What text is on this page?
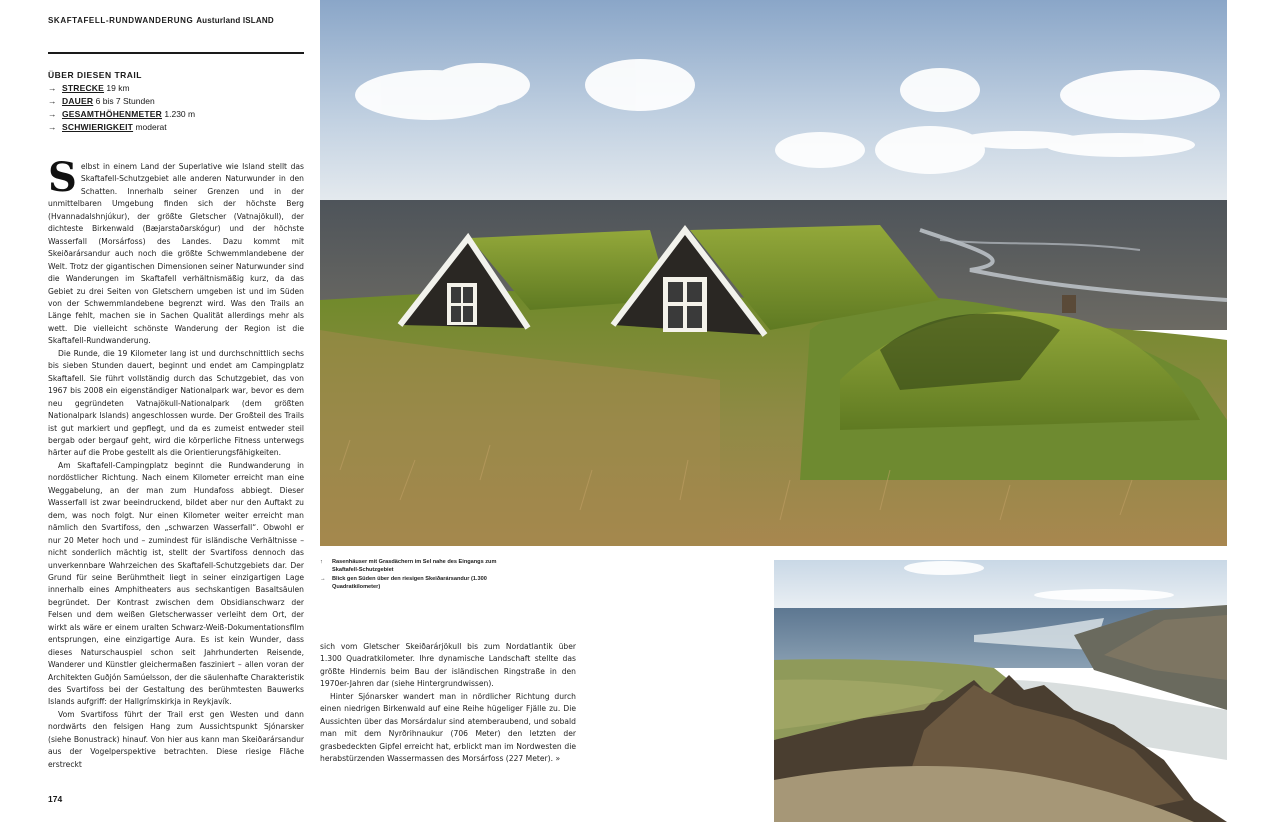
SKAFTAFELL-RUNDWANDERUNG Austurland ISLAND
ÜBER DIESEN TRAIL
→ STRECKE 19 km
→ DAUER 6 bis 7 Stunden
→ GESAMTHÖHENMETER 1.230 m
→ SCHWIERIGKEIT moderat

Selbst in einem Land der Superlative wie Island stellt das Skaftafell-Schutzgebiet alle anderen Naturwunder in den Schatten. Innerhalb seiner Grenzen und in der unmittelbaren Umgebung finden sich der höchste Berg (Hvannadalshnjúkur), der größte Gletscher (Vatnajökull), der dichteste Birkenwald (Bæjarstaðarskógur) und der höchste Wasserfall (Morsárfoss) des Landes. Dazu kommt mit Skeiðarársandur auch noch die größte Schwemmlandebene der Welt. Trotz der gigantischen Dimensionen seiner Naturwunder sind die Wanderungen im Skaftafell verhältnismäßig kurz, da das Gebiet zu drei Seiten von Gletschern umgeben ist und im Süden von der Schwemmlandebene begrenzt wird. Was den Trails an Länge fehlt, machen sie in Sachen Qualität allerdings mehr als wett. Die vielleicht schönste Wanderung der Region ist die Skaftafell-Rundwanderung.

Die Runde, die 19 Kilometer lang ist und durchschnittlich sechs bis sieben Stunden dauert, beginnt und endet am Campingplatz Skaftafell. Sie führt vollständig durch das Schutzgebiet, das von 1967 bis 2008 ein eigenständiger Nationalpark war, bevor es dem neu gegründeten Vatnajökull-Nationalpark (dem größten Nationalpark Islands) angeschlossen wurde. Der Großteil des Trails ist gut markiert und gepflegt, und da es zumeist entweder steil bergab oder bergauf geht, wird die körperliche Fitness unterwegs härter auf die Probe gestellt als die Orientierungsfähigkeiten.

Am Skaftafell-Campingplatz beginnt die Rundwanderung in nordöstlicher Richtung. Nach einem Kilometer erreicht man eine Weggabelung, an der man zum Hundafoss abbiegt. Dieser Wasserfall ist zwar beeindruckend, bildet aber nur den Auftakt zu dem, was noch folgt. Nur einen Kilometer weiter erreicht man nämlich den Svartifoss, den „schwarzen Wasserfall“. Obwohl er nur 20 Meter hoch und – zumindest für isländische Verhältnisse – nicht sonderlich mächtig ist, stellt der Svartifoss dennoch das unverkennbare Wahrzeichen des Skaftafell-Schutzgebiets dar. Der Grund für seine Berühmtheit liegt in seiner einzigartigen Lage innerhalb eines Amphitheaters aus sechskantigen Basaltsäulen begründet. Der Kontrast zwischen dem Obsidianschwarz der Felsen und dem weißen Gletscherwasser verleiht dem Ort, der wirkt als wäre er einem uralten Schwarz-Weiß-Dokumentationsfilm entsprungen, eine einzigartige Aura. Es ist kein Wunder, dass dieses Naturschauspiel schon seit Jahrhunderten Reisende, Wanderer und Künstler gleichermaßen fasziniert – allen voran der Architekten Guðjón Samúelsson, der die säulenhafte Charakteristik des Svartifoss bei der Gestaltung des berühmtesten Bauwerks Islands aufgriff: der Hallgrímskirkja in Reykjavík.

Vom Svartifoss führt der Trail erst gen Westen und dann nordwärts den felsigen Hang zum Aussichtspunkt Sjónarsker (siehe Bonustrack) hinauf. Von hier aus kann man Skeiðarársandur aus der Vogelperspektive betrachten. Diese riesige Fläche erstreckt

sich vom Gletscher Skeiðarárjökull bis zum Nordatlantik über 1.300 Quadratkilometer. Ihre dynamische Landschaft stellte das größte Hindernis beim Bau der isländischen Ringstraße in den 1970er-Jahren dar (siehe Hintergrundwissen).

Hinter Sjónarsker wandert man in nördlicher Richtung durch einen niedrigen Birkenwald auf eine Reihe hügeliger Fjälle zu. Die Aussichten über das Morsárdalur sind atemberaubend, und sobald man mit dem Nyrðrihnaukur (706 Meter) den letzten der grasbedeckten Gipfel erreicht hat, erblickt man im Nordwesten die herabstürzenden Wassermassen des Morsárfoss (227 Meter). »

174
↑	Rasenhäuser mit Grasdächern im Sel nahe des Eingangs zum Skaftafell-Schutzgebiet
→	Blick gen Süden über den riesigen Skeiðarársandur (1.300 Quadratkilometer)
